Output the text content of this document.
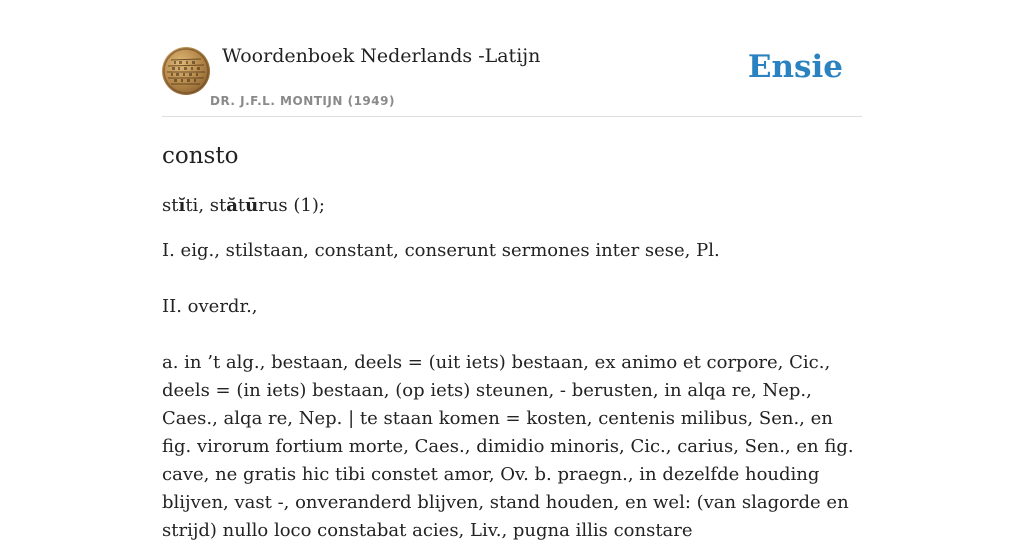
Woordenboek Nederlands -Latijn
DR. J.F.L. MONTIJN (1949)
Ensie
consto
stĭti, stătūrus (1);

I. eig., stilstaan, constant, conserunt sermones inter sese, Pl.

II. overdr.,

a. in ’t alg., bestaan, deels = (uit iets) bestaan, ex animo et corpore, Cic., deels = (in iets) bestaan, (op iets) steunen, - berusten, in alqa re, Nep., Caes., alqa re, Nep. | te staan komen = kosten, centenis milibus, Sen., en fig. virorum fortium morte, Caes., dimidio minoris, Cic., carius, Sen., en fig. cave, ne gratis hic tibi constet amor, Ov. b. praegn., in dezelfde houding blijven, vast -, onveranderd blijven, stand houden, en wel: (van slagorde en strijd) nullo loco constabat acies, Liv., pugna illis constare
